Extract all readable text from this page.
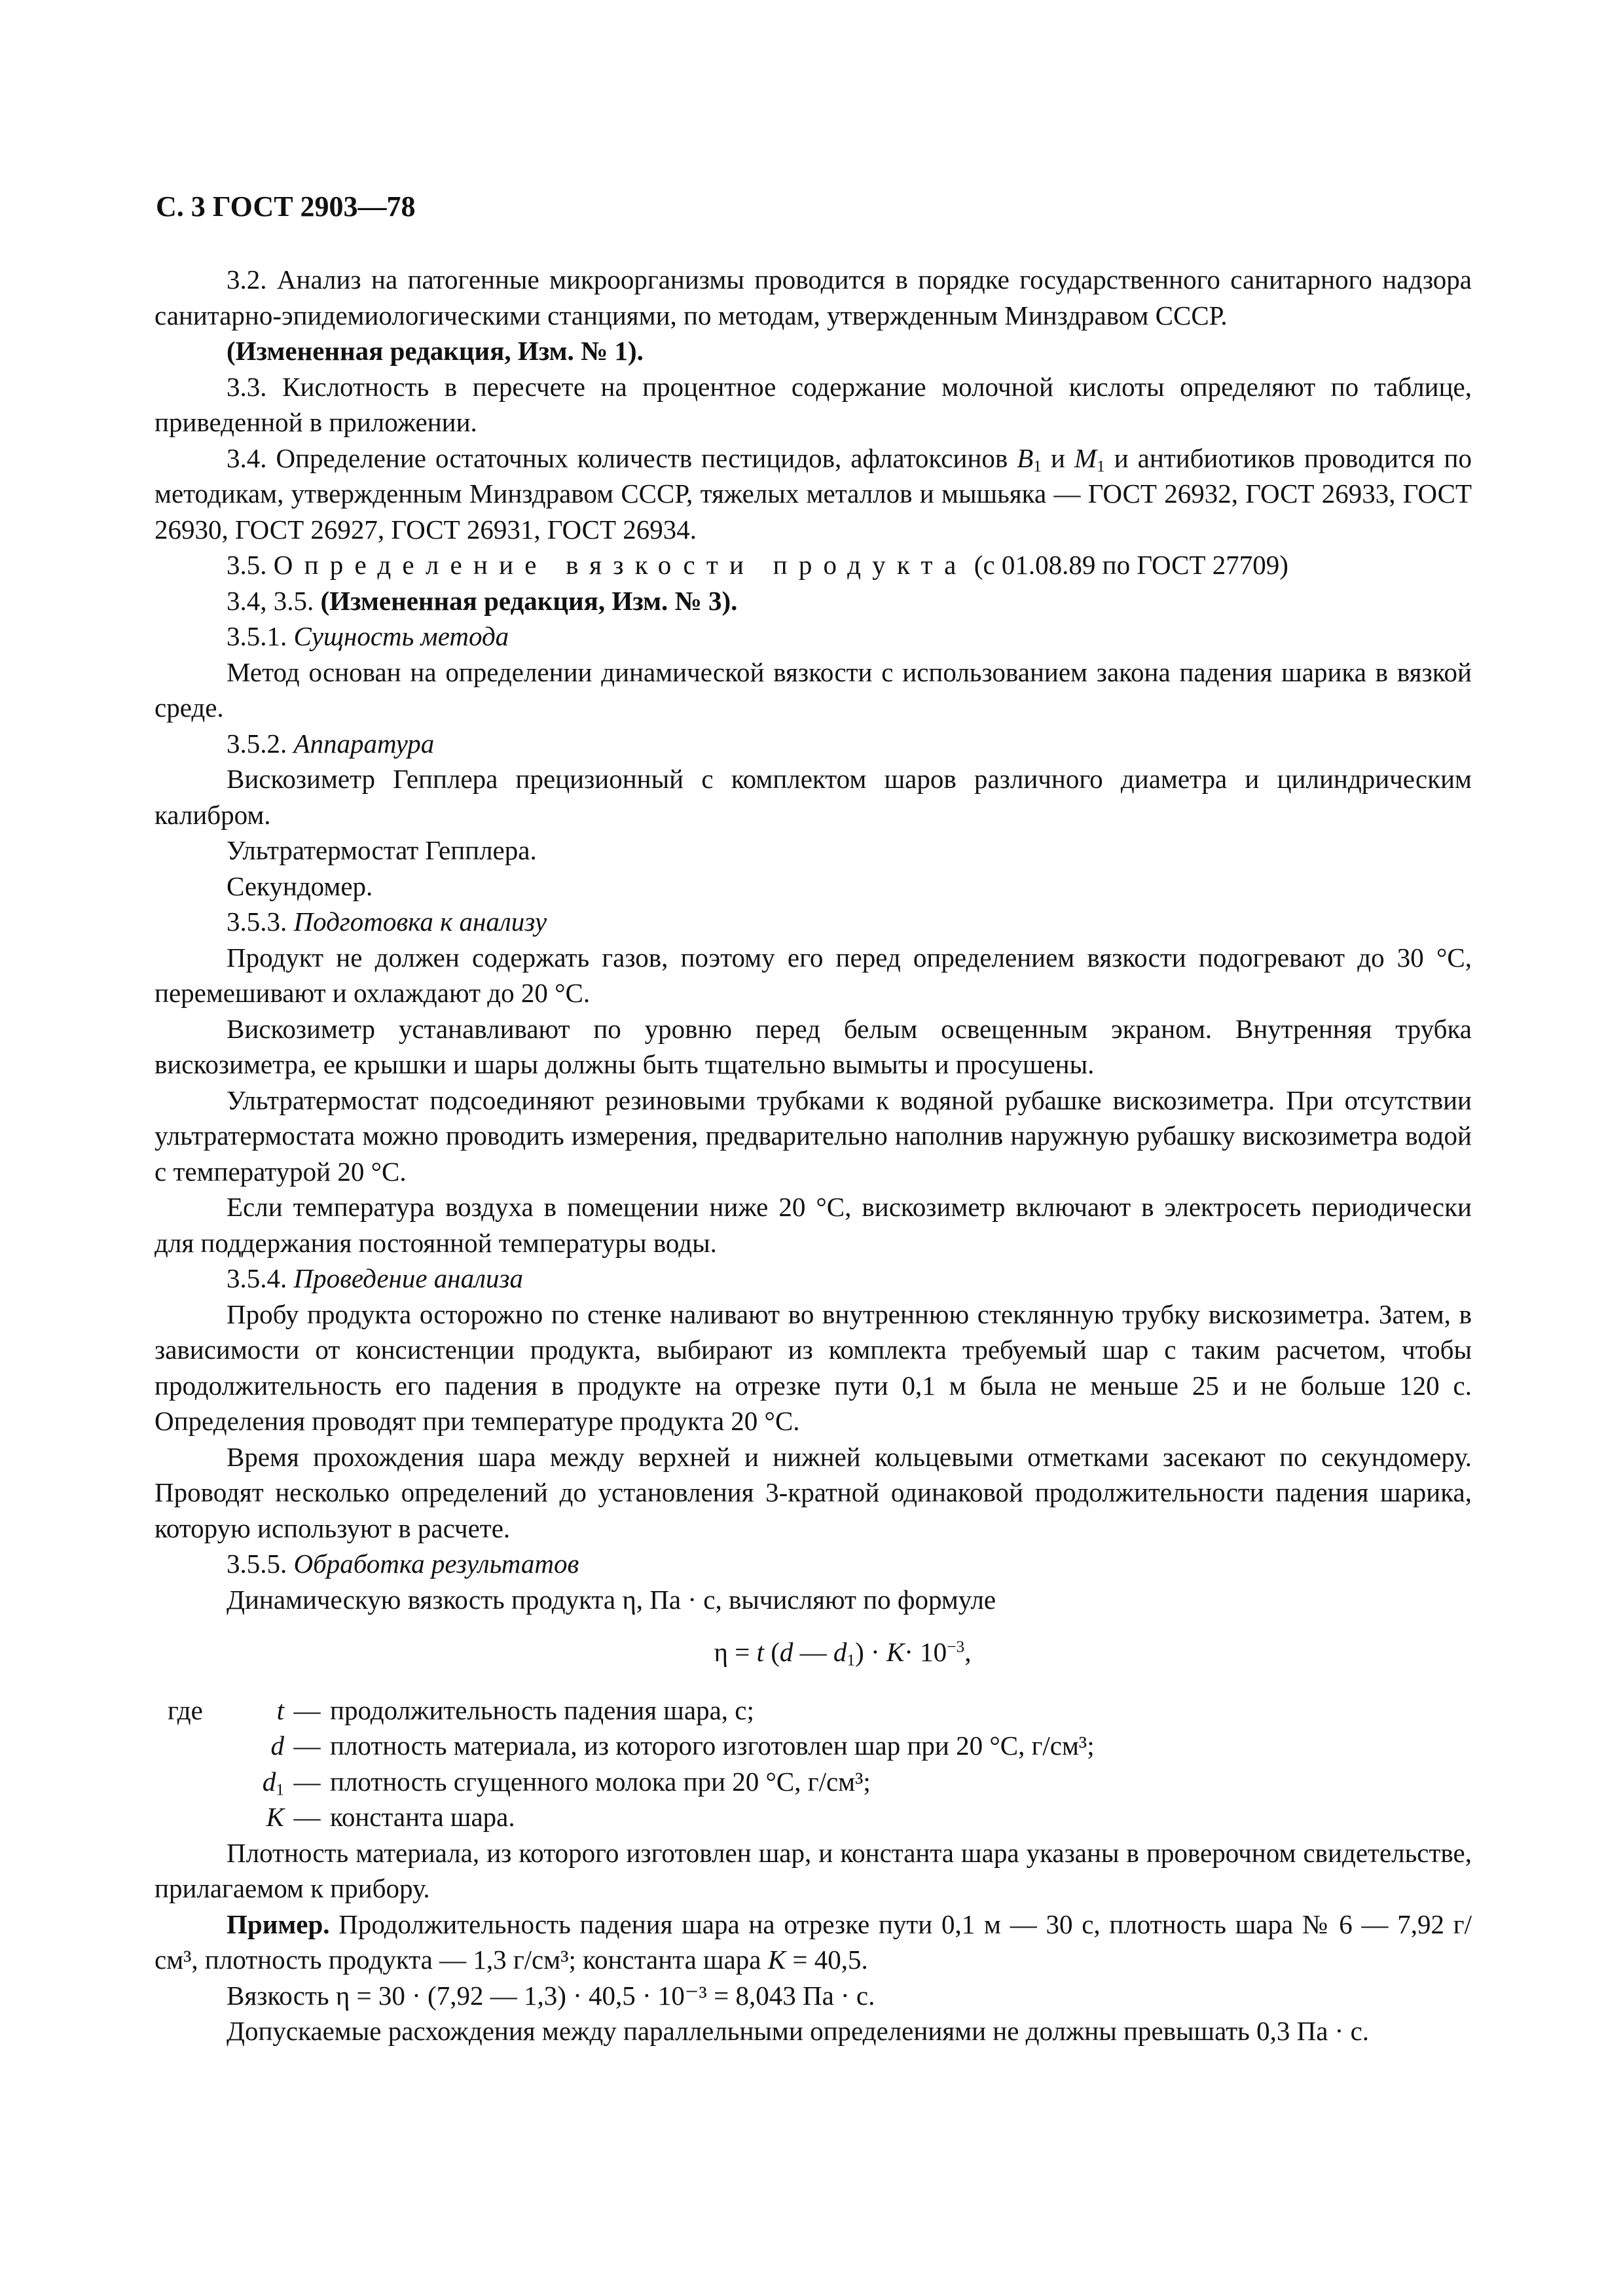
С. 3 ГОСТ 2903—78

3.2. Анализ на патогенные микроорганизмы проводится в порядке государственного санитарного надзора санитарно-эпидемиологическими станциями, по методам, утвержденным Минздравом СССР.

(Измененная редакция, Изм. № 1).

3.3. Кислотность в пересчете на процентное содержание молочной кислоты определяют по таблице, приведенной в приложении.

3.4. Определение остаточных количеств пестицидов, афлатоксинов $B_1$ и $M_1$ и антибиотиков проводится по методикам, утвержденным Минздравом СССР, тяжелых металлов и мышьяка — ГОСТ 26932, ГОСТ 26933, ГОСТ 26930, ГОСТ 26927, ГОСТ 26931, ГОСТ 26934.

3.5. Определение вязкости продукта (с 01.08.89 по ГОСТ 27709)

3.4, 3.5. (Измененная редакция, Изм. № 3).

3.5.1. Сущность метода

Метод основан на определении динамической вязкости с использованием закона падения шарика в вязкой среде.

3.5.2. Аппаратура

Вискозиметр Гепплера прецизионный с комплектом шаров различного диаметра и цилиндрическим калибром.

Ультратермостат Гепплера.

Секундомер.

3.5.3. Подготовка к анализу

Продукт не должен содержать газов, поэтому его перед определением вязкости подогревают до 30 °С, перемешивают и охлаждают до 20 °С.

Вискозиметр устанавливают по уровню перед белым освещенным экраном. Внутренняя трубка вискозиметра, ее крышки и шары должны быть тщательно вымыты и просушены.

Ультратермостат подсоединяют резиновыми трубками к водяной рубашке вискозиметра. При отсутствии ультратермостата можно проводить измерения, предварительно наполнив наружную рубашку вискозиметра водой с температурой 20 °С.

Если температура воздуха в помещении ниже 20 °С, вискозиметр включают в электросеть периодически для поддержания постоянной температуры воды.

3.5.4. Проведение анализа

Пробу продукта осторожно по стенке наливают во внутреннюю стеклянную трубку вискозиметра. Затем, в зависимости от консистенции продукта, выбирают из комплекта требуемый шар с таким расчетом, чтобы продолжительность его падения в продукте на отрезке пути 0,1 м была не меньше 25 и не больше 120 с. Определения проводят при температуре продукта 20 °С.

Время прохождения шара между верхней и нижней кольцевыми отметками засекают по секундомеру. Проводят несколько определений до установления 3-кратной одинаковой продолжительности падения шарика, которую используют в расчете.

3.5.5. Обработка результатов

Динамическую вязкость продукта η, Па · с, вычисляют по формуле

η = t (d — $d_1) \cdot K\cdot 10^{-3}$,
где	t — продолжительность падения шара, с;
d — плотность материала, из которого изготовлен шар при 20 °С, г/см³;
$d_1$ — плотность сгущенного молока при 20 °С, г/см³;
K — константа шара.

Плотность материала, из которого изготовлен шар, и константа шара указаны в проверочном свидетельстве, прилагаемом к прибору.

Пример. Продолжительность падения шара на отрезке пути 0,1 м — 30 с, плотность шара № 6 — 7,92 г/см³, плотность продукта — 1,3 г/см³; константа шара K = 40,5.

Вязкость η = 30 · (7,92 — 1,3) · 40,5 · 10⁻³ = 8,043 Па · с.

Допускаемые расхождения между параллельными определениями не должны превышать 0,3 Па · с.
